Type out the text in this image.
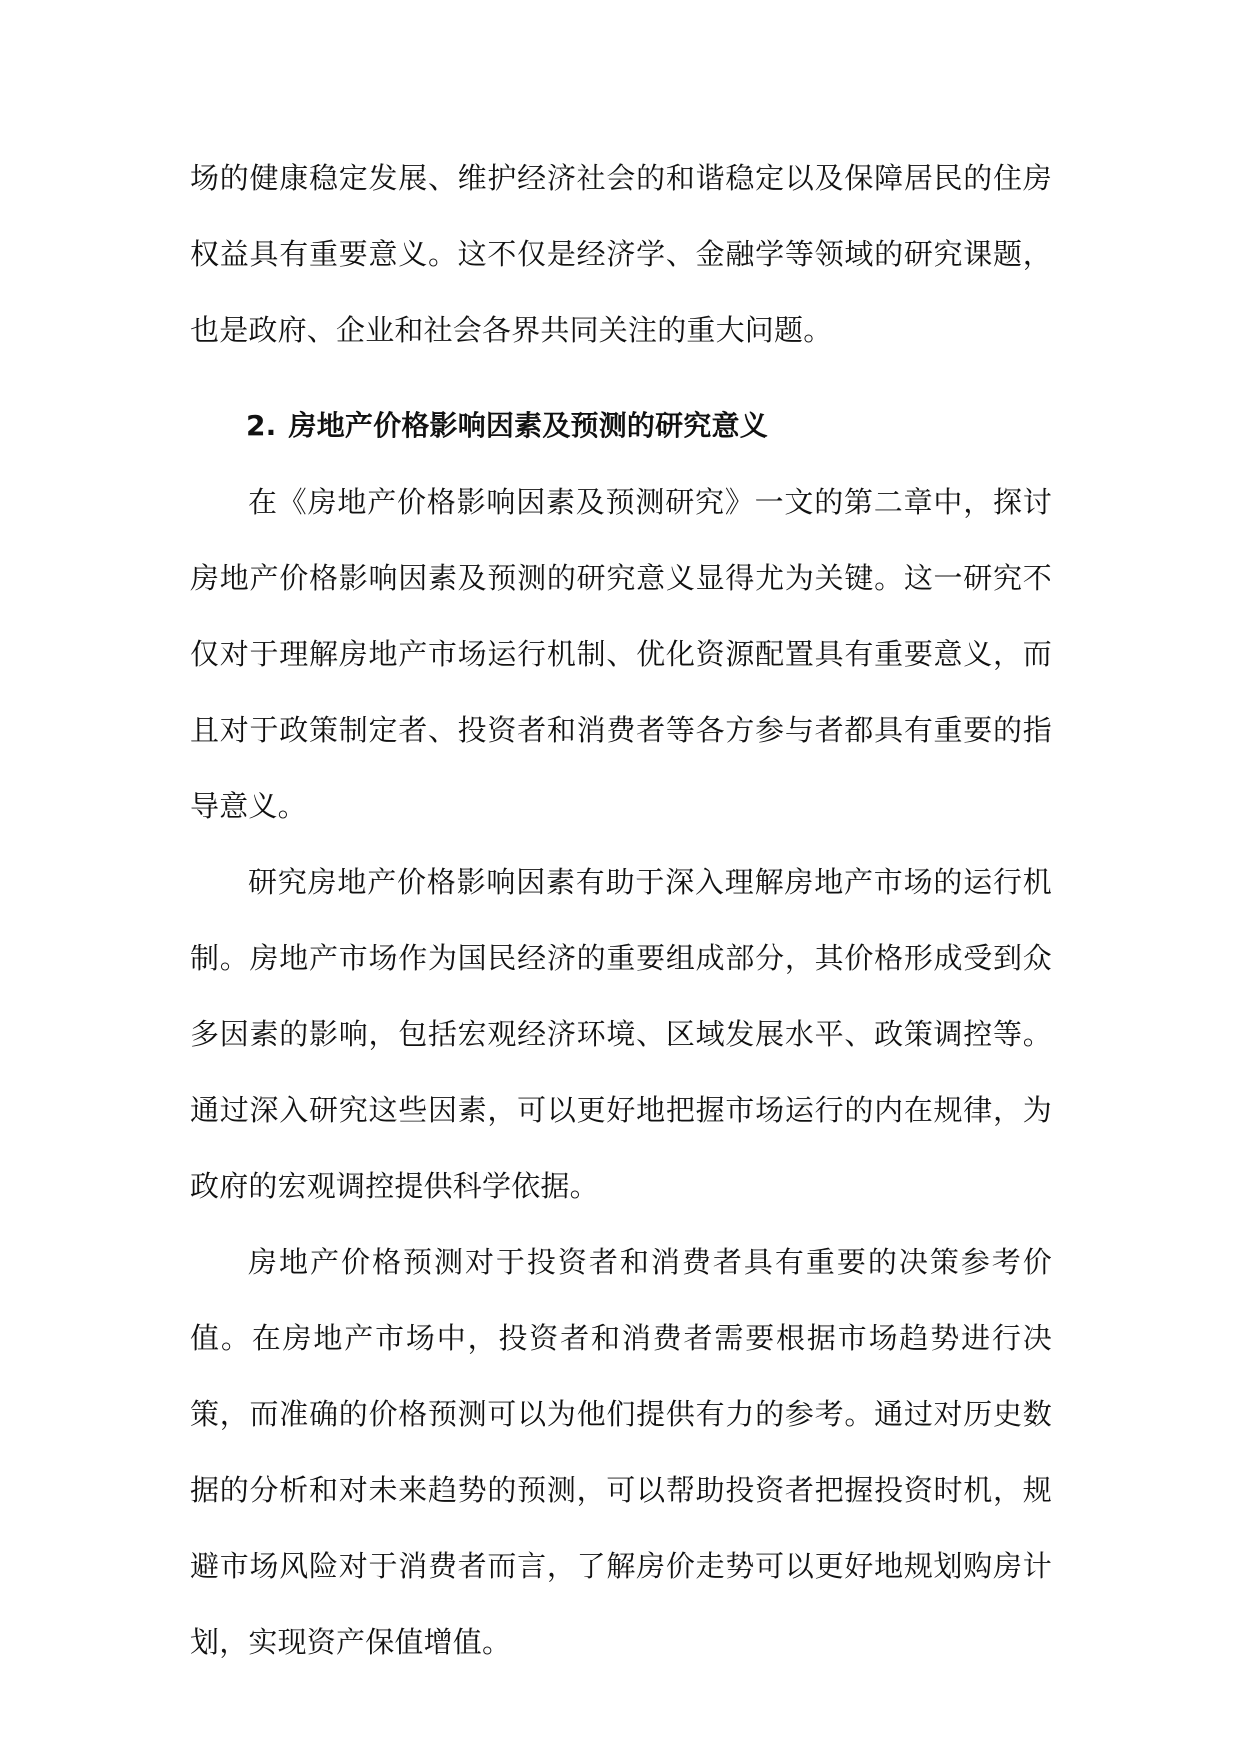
场的健康稳定发展、维护经济社会的和谐稳定以及保障居民的住房权益具有重要意义。这不仅是经济学、金融学等领域的研究课题，也是政府、企业和社会各界共同关注的重大问题。

2. 房地产价格影响因素及预测的研究意义

在《房地产价格影响因素及预测研究》一文的第二章中，探讨房地产价格影响因素及预测的研究意义显得尤为关键。这一研究不仅对于理解房地产市场运行机制、优化资源配置具有重要意义，而且对于政策制定者、投资者和消费者等各方参与者都具有重要的指导意义。

研究房地产价格影响因素有助于深入理解房地产市场的运行机制。房地产市场作为国民经济的重要组成部分，其价格形成受到众多因素的影响，包括宏观经济环境、区域发展水平、政策调控等。通过深入研究这些因素，可以更好地把握市场运行的内在规律，为政府的宏观调控提供科学依据。

房地产价格预测对于投资者和消费者具有重要的决策参考价值。在房地产市场中，投资者和消费者需要根据市场趋势进行决策，而准确的价格预测可以为他们提供有力的参考。通过对历史数据的分析和对未来趋势的预测，可以帮助投资者把握投资时机，规避市场风险对于消费者而言，了解房价走势可以更好地规划购房计划，实现资产保值增值。
